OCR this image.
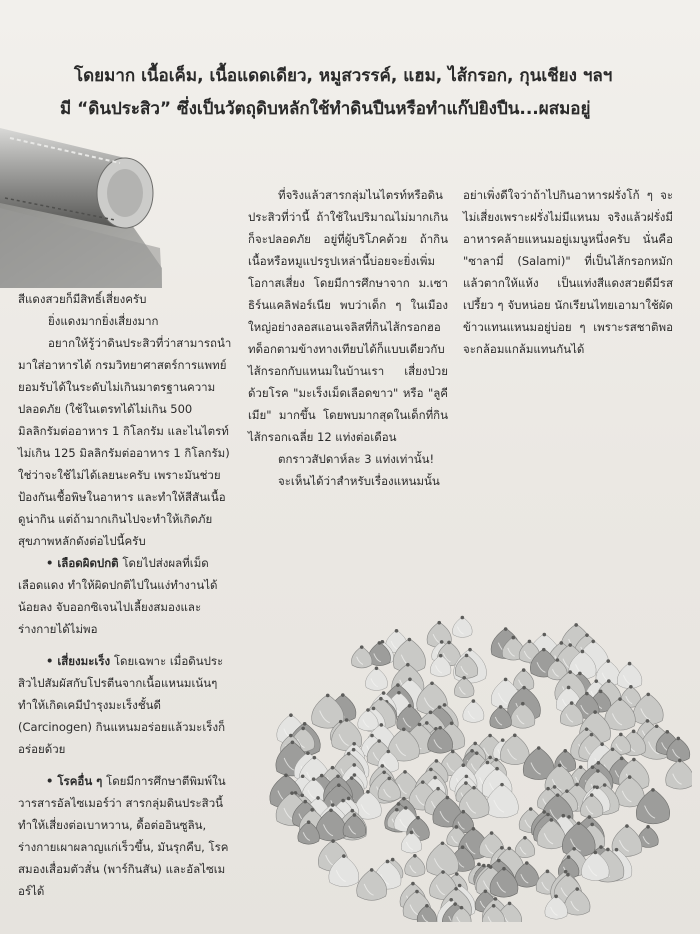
โดยมาก เนื้อเค็ม, เนื้อแดดเดียว, หมูสวรรค์, แฮม, ไส้กรอก, กุนเชียง ฯลฯ
มี “ดินประสิว” ซึ่งเป็นวัตถุดิบหลักใช้ทำดินปืนหรือทำแก๊ปยิงปืน...ผสมอยู่

สีแดงสวยก็มีสิทธิ์เสี่ยงครับ

ยิ่งแดงมากยิ่งเสี่ยงมาก

อยากให้รู้ว่าดินประสิวที่ว่าสามารถนำมาใส่อาหารได้ กรมวิทยาศาสตร์การแพทย์ยอมรับได้ในระดับไม่เกินมาตรฐานความปลอดภัย (ใช้ในเตรทได้ไม่เกิน 500 มิลลิกรัมต่ออาหาร 1 กิโลกรัม และไนไตรท์ไม่เกิน 125 มิลลิกรัมต่ออาหาร 1 กิโลกรัม) ใช่ว่าจะใช้ไม่ได้เลยนะครับ เพราะมันช่วยป้องกันเชื้อพิษในอาหาร และทำให้สีสันเนื้อดูน่ากิน แต่ถ้ามากเกินไปจะทำให้เกิดภัยสุขภาพหลักดังต่อไปนี้ครับ

• เลือดผิดปกติ โดยไปส่งผลที่เม็ดเลือดแดง ทำให้ผิดปกติไปในแง่ทำงานได้น้อยลง จับออกซิเจนไปเลี้ยงสมองและร่างกายได้ไม่พอ

• เสี่ยงมะเร็ง โดยเฉพาะ เมื่อดินประสิวไปสัมผัสกับโปรตีนจากเนื้อแหนมเน้นๆ ทำให้เกิดเคมีบำรุงมะเร็งชั้นดี (Carcinogen) กินแหนมอร่อยแล้วมะเร็งก็อร่อยด้วย

• โรคอื่น ๆ โดยมีการศึกษาตีพิมพ์ในวารสารอัลไซเมอร์ว่า สารกลุ่มดินประสิวนี้ทำให้เสี่ยงต่อเบาหวาน, ดื้อต่ออินซูลิน, ร่างกายเผาผลาญแก่เร็วขึ้น, มันรุกคืบ, โรคสมองเสื่อมตัวสั่น (พาร์กินสัน) และอัลไซเมอร์ได้

ที่จริงแล้วสารกลุ่มไนไตรท์หรือดินประสิวที่ว่านี้ ถ้าใช้ในปริมาณไม่มากเกินก็จะปลอดภัย อยู่ที่ผู้บริโภคด้วย ถ้ากินเนื้อหรือหมูแปรรูปเหล่านี้บ่อยจะยิ่งเพิ่มโอกาสเสี่ยง โดยมีการศึกษาจาก ม.เซาธิร์นแคลิฟอร์เนีย พบว่าเด็ก ๆ ในเมืองใหญ่อย่างลอสแอนเจลิสที่กินไส้กรอกฮอทด็อกตามข้างทางเทียบได้ก็แบบเดียวกับไส้กรอกกับแหนมในบ้านเรา เสี่ยงป่วยด้วยโรค "มะเร็งเม็ดเลือดขาว" หรือ "ลูคีเมีย" มากขึ้น โดยพบมากสุดในเด็กที่กินไส้กรอกเฉลี่ย 12 แท่งต่อเดือน

ตกราวสัปดาห์ละ 3 แท่งเท่านั้น!

จะเห็นได้ว่าสำหรับเรื่องแหนมนั้น

อย่าเพิ่งดีใจว่าถ้าไปกินอาหารฝรั่งโก้ ๆ จะไม่เสี่ยงเพราะฝรั่งไม่มีแหนม จริงแล้วฝรั่งมีอาหารคล้ายแหนมอยู่เมนูหนึ่งครับ นั่นคือ "ซาลามี่ (Salami)" ที่เป็นไส้กรอกหมักแล้วตากให้แห้ง เป็นแท่งสีแดงสวยดีมีรสเปรี้ยว ๆ จับหน่อย นักเรียนไทยเอามาใช้ผัดข้าวแทนแหนมอยู่บ่อย ๆ เพราะรสชาติพอจะกล้อมแกล้มแทนกันได้
